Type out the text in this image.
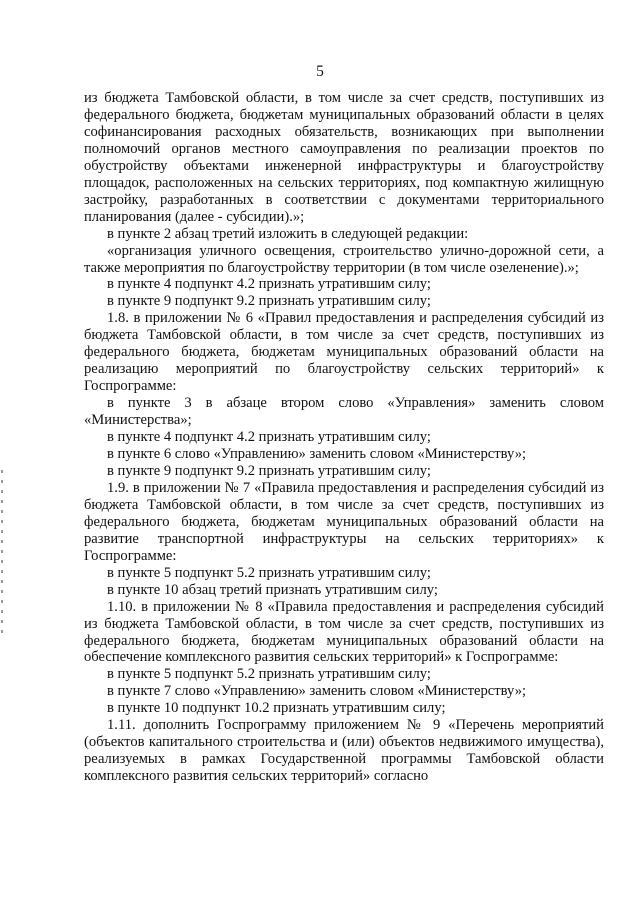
5

из бюджета Тамбовской области, в том числе за счет средств, поступивших из федерального бюджета, бюджетам муниципальных образований области в целях софинансирования расходных обязательств, возникающих при выполнении полномочий органов местного самоуправления по реализации проектов по обустройству объектами инженерной инфраструктуры и благоустройству площадок, расположенных на сельских территориях, под компактную жилищную застройку, разработанных в соответствии с документами территориального планирования (далее - субсидии).»;

в пункте 2 абзац третий изложить в следующей редакции:

«организация уличного освещения, строительство улично-дорожной сети, а также мероприятия по благоустройству территории (в том числе озеленение).»;

в пункте 4 подпункт 4.2 признать утратившим силу;

в пункте 9 подпункт 9.2 признать утратившим силу;

1.8. в приложении № 6 «Правил предоставления и распределения субсидий из бюджета Тамбовской области, в том числе за счет средств, поступивших из федерального бюджета, бюджетам муниципальных образований области на реализацию мероприятий по благоустройству сельских территорий» к Госпрограмме:

в пункте 3 в абзаце втором слово «Управления» заменить словом «Министерства»;

в пункте 4 подпункт 4.2 признать утратившим силу;

в пункте 6 слово «Управлению» заменить словом «Министерству»;

в пункте 9 подпункт 9.2 признать утратившим силу;

1.9. в приложении № 7 «Правила предоставления и распределения субсидий из бюджета Тамбовской области, в том числе за счет средств, поступивших из федерального бюджета, бюджетам муниципальных образований области на развитие транспортной инфраструктуры на сельских территориях» к Госпрограмме:

в пункте 5 подпункт 5.2 признать утратившим силу;

в пункте 10 абзац третий признать утратившим силу;

1.10. в приложении № 8 «Правила предоставления и распределения субсидий из бюджета Тамбовской области, в том числе за счет средств, поступивших из федерального бюджета, бюджетам муниципальных образований области на обеспечение комплексного развития сельских территорий» к Госпрограмме:

в пункте 5 подпункт 5.2 признать утратившим силу;

в пункте 7 слово «Управлению» заменить словом «Министерству»;

в пункте 10 подпункт 10.2 признать утратившим силу;

1.11. дополнить Госпрограмму приложением № 9 «Перечень мероприятий (объектов капитального строительства и (или) объектов недвижимого имущества), реализуемых в рамках Государственной программы Тамбовской области комплексного развития сельских территорий» согласно
